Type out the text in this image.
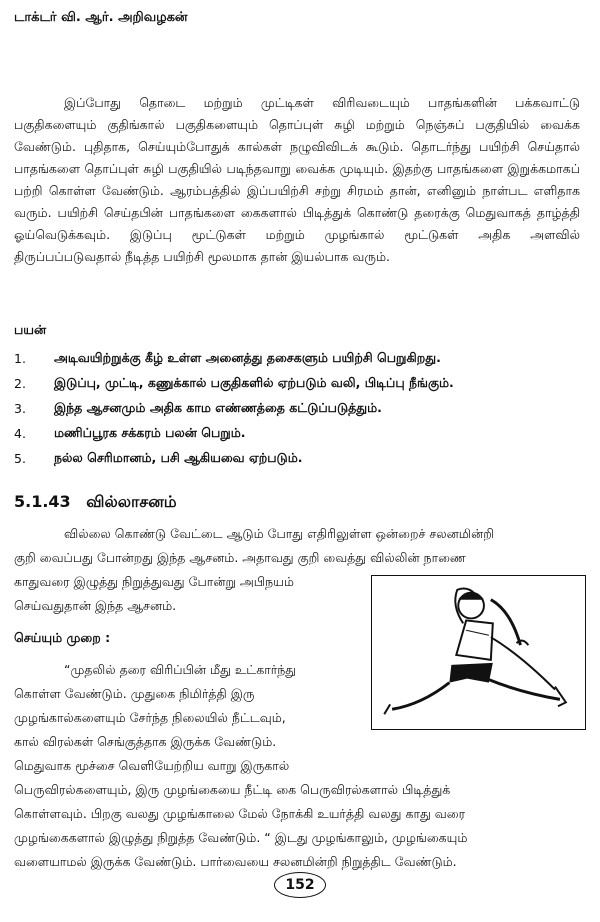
டாக்டர் வி. ஆர். அறிவழகன்

இப்போது தொடை மற்றும் முட்டிகள் விரிவடையும் பாதங்களின் பக்கவாட்டு பகுதிகளையும் குதிங்கால் பகுதிகளையும் தொப்புள் சுழி மற்றும் நெஞ்சுப் பகுதியில் வைக்க வேண்டும். புதிதாக, செய்யும்போதுக் கால்கள் நழுவிவிடக் கூடும். தொடர்ந்து பயிற்சி செய்தால் பாதங்களை தொப்புள் சுழி பகுதியில் படிந்தவாறு வைக்க முடியும். இதற்கு பாதங்களை இறுக்கமாகப் பற்றி கொள்ள வேண்டும். ஆரம்பத்தில் இப்பயிற்சி சற்று சிரமம் தான், எனினும் நாள்பட எளிதாக வரும். பயிற்சி செய்தபின் பாதங்களை கைகளால் பிடித்துக் கொண்டு தரைக்கு மெதுவாகத் தாழ்த்தி ஓய்வெடுக்கவும். இடுப்பு மூட்டுகள் மற்றும் முழங்கால் மூட்டுகள் அதிக அளவில் திருப்பப்படுவதால் நீடித்த பயிற்சி மூலமாக தான் இயல்பாக வரும்.

பயன்
1.	அடிவயிற்றுக்கு கீழ் உள்ள அனைத்து தசைகளும் பயிற்சி பெறுகிறது.
2.	இடுப்பு, முட்டி, கணுக்கால் பகுதிகளில் ஏற்படும் வலி, பிடிப்பு நீங்கும்.
3.	இந்த ஆசனமும் அதிக காம எண்ணத்தை கட்டுப்படுத்தும்.
4.	மணிப்பூரக சக்கரம் பலன் பெறும்.
5.	நல்ல செரிமானம், பசி ஆகியவை ஏற்படும்.
5.1.43 வில்லாசனம்
வில்லை கொண்டு வேட்டை ஆடும் போது எதிரிலுள்ள ஒன்றைச் சலனமின்றி
குறி வைப்பது போன்றது இந்த ஆசனம். அதாவது குறி வைத்து வில்லின் நாணை
காதுவரை இழுத்து நிறுத்துவது போன்று அபிநயம்
செய்வதுதான் இந்த ஆசனம்.
செய்யும் முறை :
“முதலில் தரை விரிப்பின் மீது உட்கார்ந்து
கொள்ள வேண்டும். முதுகை நிமிர்த்தி இரு
முழங்கால்களையும் சேர்ந்த நிலையில் நீட்டவும்,
கால் விரல்கள் செங்குத்தாக இருக்க வேண்டும்.
மெதுவாக மூச்சை வெளியேற்றிய வாறு இருகால்
பெருவிரல்களையும், இரு முழங்கையை நீட்டி கை பெருவிரல்களால் பிடித்துக்
கொள்ளவும். பிறகு வலது முழங்காலை மேல் நோக்கி உயர்த்தி வலது காது வரை
முழங்கைகளால் இழுத்து நிறுத்த வேண்டும். “ இடது முழங்காலும், முழங்கையும்
வளையாமல் இருக்க வேண்டும். பார்வையை சலனமின்றி நிறுத்திட வேண்டும்.
152
